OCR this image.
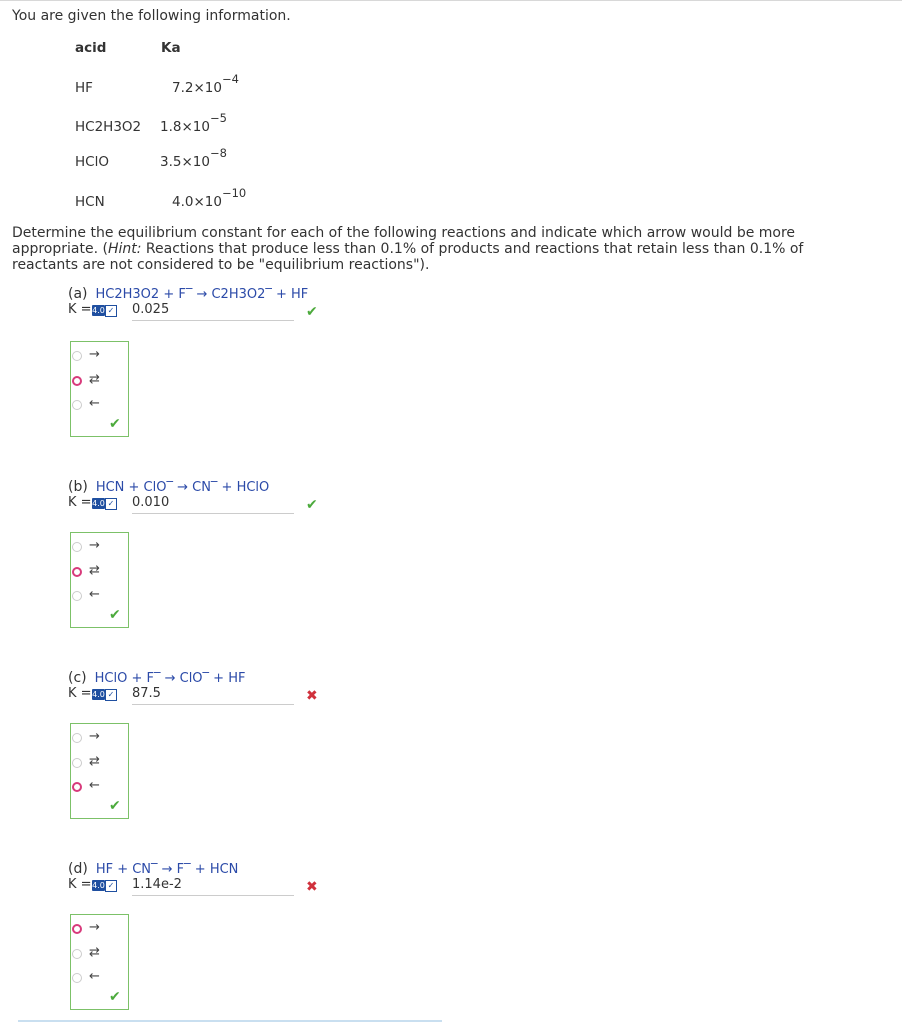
You are given the following information.
acid	Ka
HF	$7.2\times 10^{-4}$
HC2H3O2 $1.8\times 10^{-5}$
HClO	$3.5\times 10^{-8}$
HCN	$4.0\times 10^{-10}$
Determine the equilibrium constant for each of the following reactions and indicate which arrow would be more appropriate. (Hint: Reactions that produce less than 0.1% of products and reactions that retain less than 0.1% of reactants are not considered to be "equilibrium reactions").
(a) HC2H3O2 + F‾ → C2H3O2‾ + HF
K = 4.0 ✓ 0.025	✔
→
⇄
←
✔
(b) HCN + ClO‾ → CN‾ + HClO
K = 4.0 ✓ 0.010	✔
→
⇄
←
✔
(c) HClO + F‾ → ClO‾ + HF
K = 4.0 ✓ 87.5	✖
→
⇄
←
✔
(d) HF + CN‾ → F‾ + HCN
K = 4.0 ✓ 1.14e-2	✖
→
⇄
←
✔
